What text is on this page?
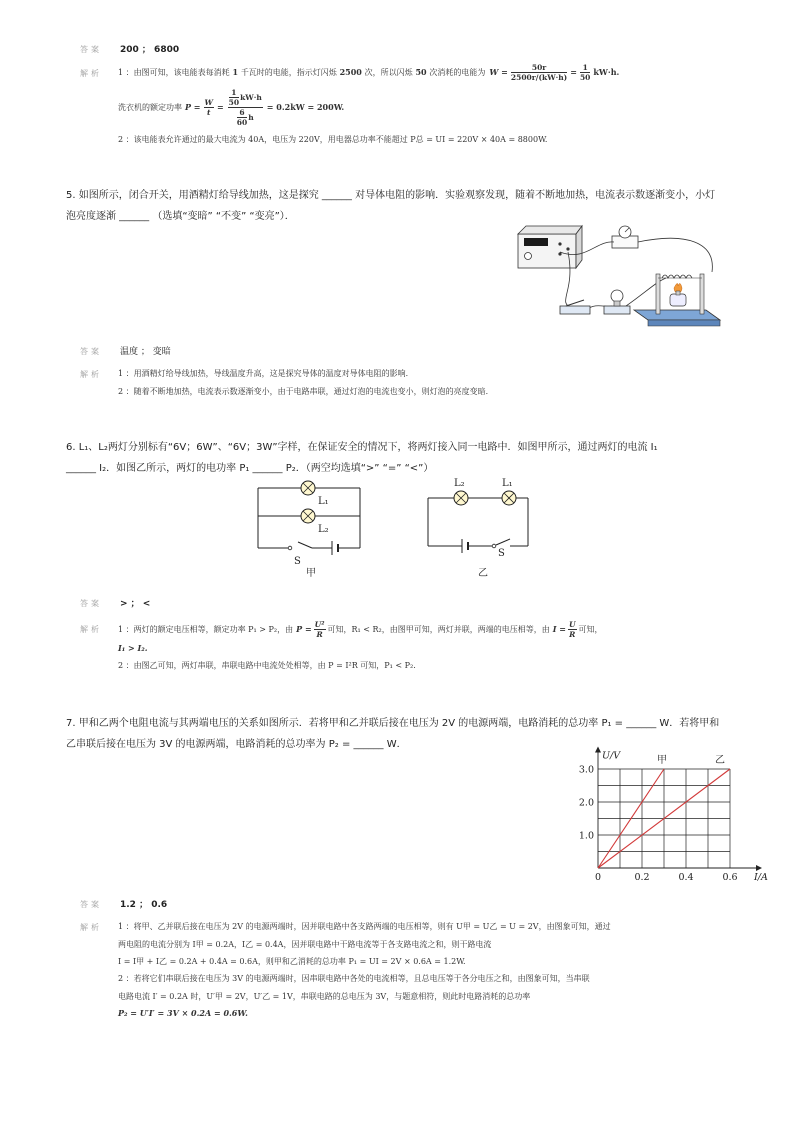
答案 200 ； 6800
解析 1 ：由图可知，该电能表每消耗 1 千瓦时的电能，指示灯闪烁 2500 次，所以闪烁 50 次消耗的电能为 $W = \frac{50r}{2500r/(kW\cdot h)} = \frac{1}{50} kW\cdot h$.
洗衣机的额定功率 $P = \frac{W}{t} = \frac{\frac{1}{50} kW\cdot h}{\frac{6}{60} h} = 0.2kW = 200W$.
2 ：该电能表允许通过的最大电流为 40A，电压为 220V，用电器总功率不能超过 P总 = UI = 220V × 40A = 8800W.
5. 如图所示，闭合开关，用酒精灯给导线加热，这是探究 ______ 对导体电阻的影响．实验观察发现，随着不断地加热，电流表示数逐渐变小，小灯
泡亮度逐渐 ______ （选填“变暗” “不变” “变亮”）．
答案 温度 ； 变暗
解析 1 ：用酒精灯给导线加热，导线温度升高，这是探究导体的温度对导体电阻的影响．
2 ：随着不断地加热，电流表示数逐渐变小，由于电路串联，通过灯泡的电流也变小，则灯泡的亮度变暗．
6. L₁、L₂两灯分别标有“6V；6W”、“6V；3W”字样，在保证安全的情况下，将两灯接入同一电路中．如图甲所示，通过两灯的电流 I₁
______ I₂．如图乙所示，两灯的电功率 P₁ ______ P₂．（两空均选填“>” “=” “<”）
L₁
L₂
S
甲
L₂	L₁
S
乙
答案 > ； <
解析 1 ：两灯的额定电压相等，额定功率 P₁ > P₂，由 $P = \frac{\text{U²}}{R}$ 可知，R₁ < R₂，由图甲可知，两灯并联，两端的电压相等，由 $I = \frac{U}{R}$ 可知，
I₁ > I₂.
2 ：由图乙可知，两灯串联，串联电路中电流处处相等，由 P = I²R 可知，P₁ < P₂.
7. 甲和乙两个电阻电流与其两端电压的关系如图所示．若将甲和乙并联后接在电压为 2V 的电源两端，电路消耗的总功率 P₁ = ______ W．若将甲和
乙串联后接在电压为 3V 的电源两端，电路消耗的总功率为 P₂ = ______ W．
0	0.2	0.4	0.6
1.0
2.0
3.0
U/V
I/A
甲	乙
答案 1.2 ； 0.6
解析 1 ：将甲、乙并联后接在电压为 2V 的电源两端时，因并联电路中各支路两端的电压相等，则有 U甲 = U乙 = U = 2V，由图象可知，通过
两电阻的电流分别为 I甲 = 0.2A，I乙 = 0.4A，因并联电路中干路电流等于各支路电流之和，则干路电流
I = I甲 + I乙 = 0.2A + 0.4A = 0.6A，则甲和乙消耗的总功率 P₁ = UI = 2V × 0.6A = 1.2W.
2 ：若将它们串联后接在电压为 3V 的电源两端时，因串联电路中各处的电流相等，且总电压等于各分电压之和，由图象可知，当串联
电路电流 I′ = 0.2A 时，U′甲 = 2V，U′乙 = 1V，串联电路的总电压为 3V，与题意相符，则此时电路消耗的总功率
P₂ = U′I′ = 3V × 0.2A = 0.6W.
